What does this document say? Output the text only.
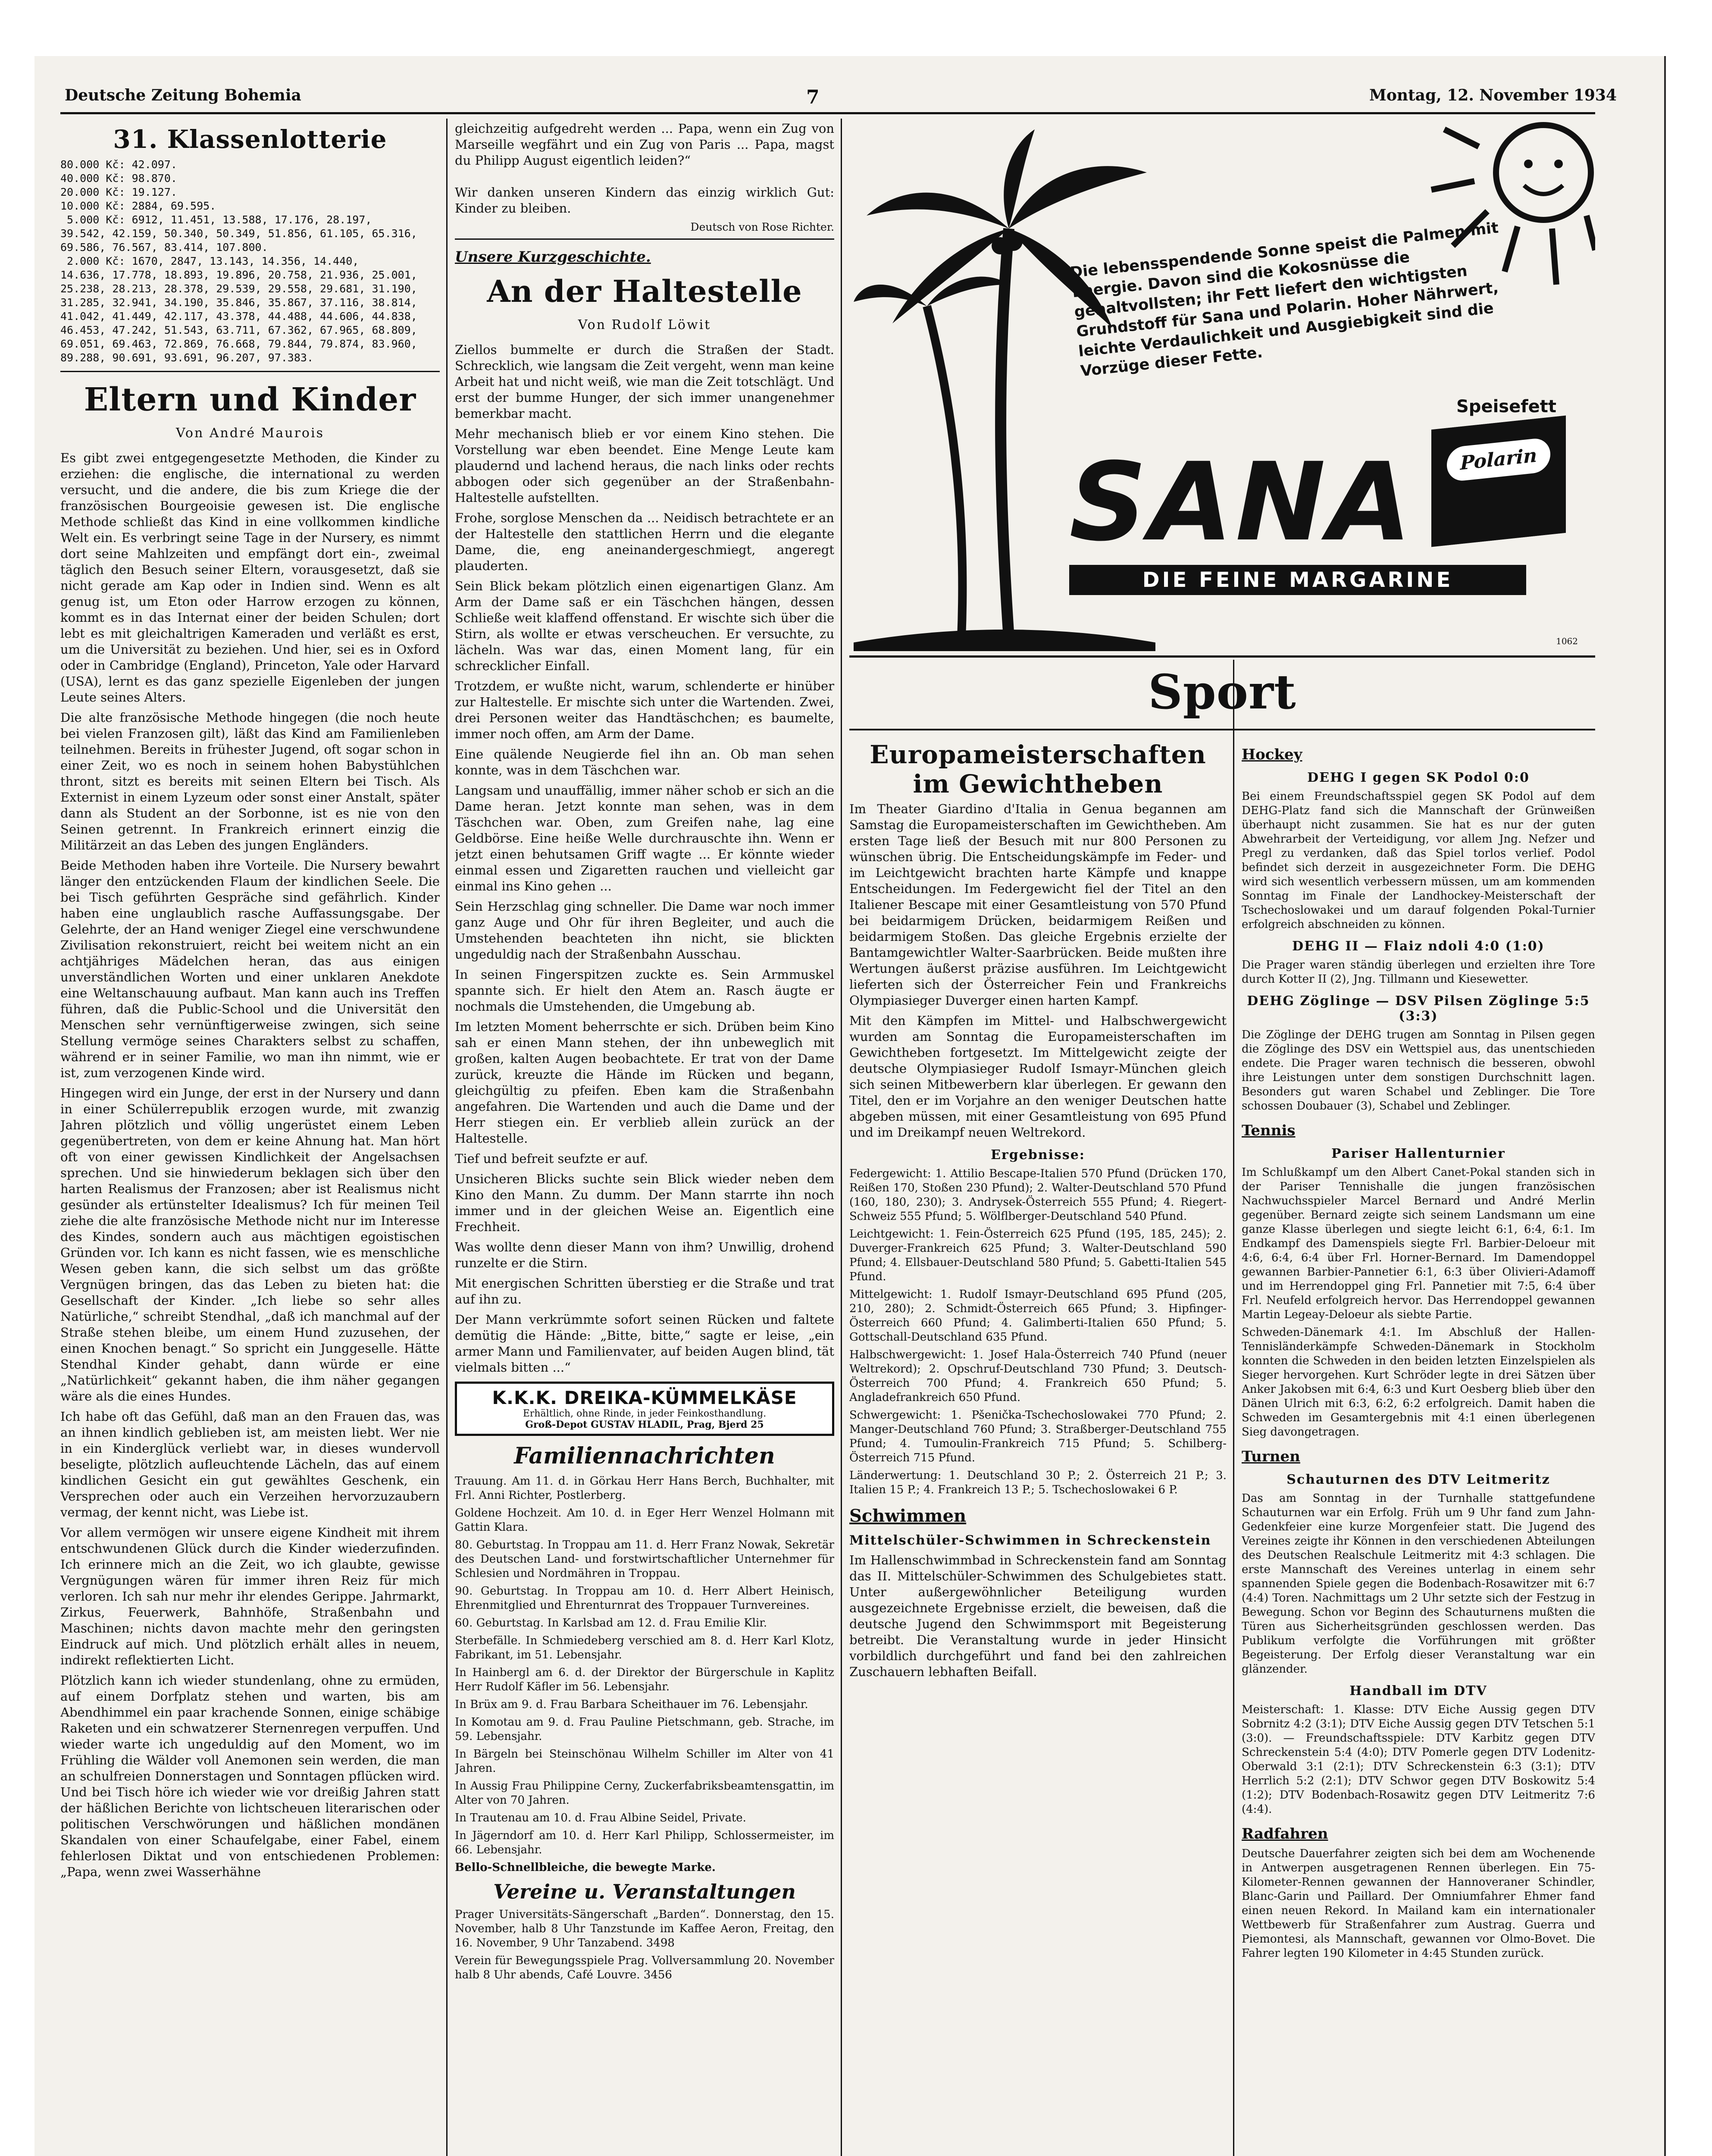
Deutsche Zeitung Bohemia	7	Montag, 12. November 1934
31. Klassenlotterie
80.000 Kč: 42.097.
40.000 Kč: 98.870.
20.000 Kč: 19.127.
10.000 Kč: 2884, 69.595.
5.000 Kč: 6912, 11.451, 13.588, 17.176, 28.197,
39.542, 42.159, 50.340, 50.349, 51.856, 61.105, 65.316,
69.586, 76.567, 83.414, 107.800.
2.000 Kč: 1670, 2847, 13.143, 14.356, 14.440,
14.636, 17.778, 18.893, 19.896, 20.758, 21.936, 25.001,
25.238, 28.213, 28.378, 29.539, 29.558, 29.681, 31.190,
31.285, 32.941, 34.190, 35.846, 35.867, 37.116, 38.814,
41.042, 41.449, 42.117, 43.378, 44.488, 44.606, 44.838,
46.453, 47.242, 51.543, 63.711, 67.362, 67.965, 68.809,
69.051, 69.463, 72.869, 76.668, 79.844, 79.874, 83.960,
89.288, 90.691, 93.691, 96.207, 97.383.
Eltern und Kinder
Von André Maurois

Es gibt zwei entgegengesetzte Methoden, die Kinder zu erziehen: die englische, die international zu werden versucht, und die andere, die bis zum Kriege die der französischen Bourgeoisie gewesen ist. Die englische Methode schließt das Kind in eine vollkommen kindliche Welt ein. Es verbringt seine Tage in der Nursery, es nimmt dort seine Mahlzeiten und empfängt dort ein-, zweimal täglich den Besuch seiner Eltern, vorausgesetzt, daß sie nicht gerade am Kap oder in Indien sind. Wenn es alt genug ist, um Eton oder Harrow erzogen zu können, kommt es in das Internat einer der beiden Schulen; dort lebt es mit gleichaltrigen Kameraden und verläßt es erst, um die Universität zu beziehen. Und hier, sei es in Oxford oder in Cambridge (England), Princeton, Yale oder Harvard (USA), lernt es das ganz spezielle Eigenleben der jungen Leute seines Alters.

Die alte französische Methode hingegen (die noch heute bei vielen Franzosen gilt), läßt das Kind am Familienleben teilnehmen. Bereits in frühester Jugend, oft sogar schon in einer Zeit, wo es noch in seinem hohen Babystühlchen thront, sitzt es bereits mit seinen Eltern bei Tisch. Als Externist in einem Lyzeum oder sonst einer Anstalt, später dann als Student an der Sorbonne, ist es nie von den Seinen getrennt. In Frankreich erinnert einzig die Militärzeit an das Leben des jungen Engländers.

Beide Methoden haben ihre Vorteile. Die Nursery bewahrt länger den entzückenden Flaum der kindlichen Seele. Die bei Tisch geführten Gespräche sind gefährlich. Kinder haben eine unglaublich rasche Auffassungsgabe. Der Gelehrte, der an Hand weniger Ziegel eine verschwundene Zivilisation rekonstruiert, reicht bei weitem nicht an ein achtjähriges Mädelchen heran, das aus einigen unverständlichen Worten und einer unklaren Anekdote eine Weltanschauung aufbaut. Man kann auch ins Treffen führen, daß die Public-School und die Universität den Menschen sehr vernünftigerweise zwingen, sich seine Stellung vermöge seines Charakters selbst zu schaffen, während er in seiner Familie, wo man ihn nimmt, wie er ist, zum verzogenen Kinde wird.

Hingegen wird ein Junge, der erst in der Nursery und dann in einer Schülerrepublik erzogen wurde, mit zwanzig Jahren plötzlich und völlig ungerüstet einem Leben gegenübertreten, von dem er keine Ahnung hat. Man hört oft von einer gewissen Kindlichkeit der Angelsachsen sprechen. Und sie hinwiederum beklagen sich über den harten Realismus der Franzosen; aber ist Realismus nicht gesünder als ertünstelter Idealismus? Ich für meinen Teil ziehe die alte französische Methode nicht nur im Interesse des Kindes, sondern auch aus mächtigen egoistischen Gründen vor. Ich kann es nicht fassen, wie es menschliche Wesen geben kann, die sich selbst um das größte Vergnügen bringen, das das Leben zu bieten hat: die Gesellschaft der Kinder. „Ich liebe so sehr alles Natürliche,“ schreibt Stendhal, „daß ich manchmal auf der Straße stehen bleibe, um einem Hund zuzusehen, der einen Knochen benagt.“ So spricht ein Junggeselle. Hätte Stendhal Kinder gehabt, dann würde er eine „Natürlichkeit“ gekannt haben, die ihm näher gegangen wäre als die eines Hundes.

Ich habe oft das Gefühl, daß man an den Frauen das, was an ihnen kindlich geblieben ist, am meisten liebt. Wer nie in ein Kinderglück verliebt war, in dieses wundervoll beseligte, plötzlich aufleuchtende Lächeln, das auf einem kindlichen Gesicht ein gut gewähltes Geschenk, ein Versprechen oder auch ein Verzeihen hervorzuzaubern vermag, der kennt nicht, was Liebe ist.

Vor allem vermögen wir unsere eigene Kindheit mit ihrem entschwundenen Glück durch die Kinder wiederzufinden. Ich erinnere mich an die Zeit, wo ich glaubte, gewisse Vergnügungen wären für immer ihren Reiz für mich verloren. Ich sah nur mehr ihr elendes Gerippe. Jahrmarkt, Zirkus, Feuerwerk, Bahnhöfe, Straßenbahn und Maschinen; nichts davon machte mehr den geringsten Eindruck auf mich. Und plötzlich erhält alles in neuem, indirekt reflektierten Licht.

Plötzlich kann ich wieder stundenlang, ohne zu ermüden, auf einem Dorfplatz stehen und warten, bis am Abendhimmel ein paar krachende Sonnen, einige schäbige Raketen und ein schwatzerer Sternenregen verpuffen. Und wieder warte ich ungeduldig auf den Moment, wo im Frühling die Wälder voll Anemonen sein werden, die man an schulfreien Donnerstagen und Sonntagen pflücken wird. Und bei Tisch höre ich wieder wie vor dreißig Jahren statt der häßlichen Berichte von lichtscheuen literarischen oder politischen Verschwörungen und häßlichen mondänen Skandalen von einer Schaufelgabe, einer Fabel, einem fehlerlosen Diktat und von entschiedenen Problemen: „Papa, wenn zwei Wasserhähne

gleichzeitig aufgedreht werden ... Papa, wenn ein Zug von Marseille wegfährt und ein Zug von Paris ... Papa, magst du Philipp August eigentlich leiden?“

Wir danken unseren Kindern das einzig wirklich Gut: Kinder zu bleiben.

Deutsch von Rose Richter.
Unsere Kurzgeschichte.
An der Haltestelle
Von Rudolf Löwit

Ziellos bummelte er durch die Straßen der Stadt. Schrecklich, wie langsam die Zeit vergeht, wenn man keine Arbeit hat und nicht weiß, wie man die Zeit totschlägt. Und erst der bumme Hunger, der sich immer unangenehmer bemerkbar macht.

Mehr mechanisch blieb er vor einem Kino stehen. Die Vorstellung war eben beendet. Eine Menge Leute kam plaudernd und lachend heraus, die nach links oder rechts abbogen oder sich gegenüber an der Straßenbahn-Haltestelle aufstellten.

Frohe, sorglose Menschen da ... Neidisch betrachtete er an der Haltestelle den stattlichen Herrn und die elegante Dame, die, eng aneinandergeschmiegt, angeregt plauderten.

Sein Blick bekam plötzlich einen eigenartigen Glanz. Am Arm der Dame saß er ein Täschchen hängen, dessen Schließe weit klaffend offenstand. Er wischte sich über die Stirn, als wollte er etwas verscheuchen. Er versuchte, zu lächeln. Was war das, einen Moment lang, für ein schrecklicher Einfall.

Trotzdem, er wußte nicht, warum, schlenderte er hinüber zur Haltestelle. Er mischte sich unter die Wartenden. Zwei, drei Personen weiter das Handtäschchen; es baumelte, immer noch offen, am Arm der Dame.

Eine quälende Neugierde fiel ihn an. Ob man sehen konnte, was in dem Täschchen war.

Langsam und unauffällig, immer näher schob er sich an die Dame heran. Jetzt konnte man sehen, was in dem Täschchen war. Oben, zum Greifen nahe, lag eine Geldbörse. Eine heiße Welle durchrauschte ihn. Wenn er jetzt einen behutsamen Griff wagte ... Er könnte wieder einmal essen und Zigaretten rauchen und vielleicht gar einmal ins Kino gehen ...

Sein Herzschlag ging schneller. Die Dame war noch immer ganz Auge und Ohr für ihren Begleiter, und auch die Umstehenden beachteten ihn nicht, sie blickten ungeduldig nach der Straßenbahn Ausschau.

In seinen Fingerspitzen zuckte es. Sein Armmuskel spannte sich. Er hielt den Atem an. Rasch äugte er nochmals die Umstehenden, die Umgebung ab.

Im letzten Moment beherrschte er sich. Drüben beim Kino sah er einen Mann stehen, der ihn unbeweglich mit großen, kalten Augen beobachtete. Er trat von der Dame zurück, kreuzte die Hände im Rücken und begann, gleichgültig zu pfeifen. Eben kam die Straßenbahn angefahren. Die Wartenden und auch die Dame und der Herr stiegen ein. Er verblieb allein zurück an der Haltestelle.

Tief und befreit seufzte er auf.

Unsicheren Blicks suchte sein Blick wieder neben dem Kino den Mann. Zu dumm. Der Mann starrte ihn noch immer und in der gleichen Weise an. Eigentlich eine Frechheit.

Was wollte denn dieser Mann von ihm? Unwillig, drohend runzelte er die Stirn.

Mit energischen Schritten überstieg er die Straße und trat auf ihn zu.

Der Mann verkrümmte sofort seinen Rücken und faltete demütig die Hände: „Bitte, bitte,“ sagte er leise, „ein armer Mann und Familienvater, auf beiden Augen blind, tät vielmals bitten ...“

K.K.K. DREIKA-KÜMMELKÄSE
Erhältlich, ohne Rinde, in jeder Feinkosthandlung.
Groß-Depot GUSTAV HLADIL, Prag, Bjerd 25
Familiennachrichten

Trauung. Am 11. d. in Görkau Herr Hans Berch, Buchhalter, mit Frl. Anni Richter, Postlerberg.

Goldene Hochzeit. Am 10. d. in Eger Herr Wenzel Holmann mit Gattin Klara.

80. Geburtstag. In Troppau am 11. d. Herr Franz Nowak, Sekretär des Deutschen Land- und forstwirtschaftlicher Unternehmer für Schlesien und Nordmähren in Troppau.

90. Geburtstag. In Troppau am 10. d. Herr Albert Heinisch, Ehrenmitglied und Ehrenturnrat des Troppauer Turnvereines.

60. Geburtstag. In Karlsbad am 12. d. Frau Emilie Klir.

Sterbefälle. In Schmiedeberg verschied am 8. d. Herr Karl Klotz, Fabrikant, im 51. Lebensjahr.

In Hainbergl am 6. d. der Direktor der Bürgerschule in Kaplitz Herr Rudolf Käfler im 56. Lebensjahr.

In Brüx am 9. d. Frau Barbara Scheithauer im 76. Lebensjahr.

In Komotau am 9. d. Frau Pauline Pietschmann, geb. Strache, im 59. Lebensjahr.

In Bärgeln bei Steinschönau Wilhelm Schiller im Alter von 41 Jahren.

In Aussig Frau Philippine Cerny, Zuckerfabriksbeamtensgattin, im Alter von 70 Jahren.

In Trautenau am 10. d. Frau Albine Seidel, Private.

In Jägerndorf am 10. d. Herr Karl Philipp, Schlossermeister, im 66. Lebensjahr.

Bello-Schnellbleiche, die bewegte Marke.

Vereine u. Veranstaltungen

Prager Universitäts-Sängerschaft „Barden“. Donnerstag, den 15. November, halb 8 Uhr Tanzstunde im Kaffee Aeron, Freitag, den 16. November, 9 Uhr Tanzabend. 3498

Verein für Bewegungsspiele Prag. Vollversammlung 20. November halb 8 Uhr abends, Café Louvre. 3456

Die lebensspendende Sonne speist die Palmen mit Energie. Davon sind die Kokosnüsse die gehaltvollsten; ihr Fett liefert den wichtigsten Grundstoff für Sana und Polarin. Hoher Nährwert, leichte Verdaulichkeit und Ausgiebigkeit sind die Vorzüge dieser Fette.
Speisefett
SANA	Polarin
DIE FEINE MARGARINE
1062
Sport
Europameisterschaften im Gewichtheben

Im Theater Giardino d'Italia in Genua begannen am Samstag die Europameisterschaften im Gewichtheben. Am ersten Tage ließ der Besuch mit nur 800 Personen zu wünschen übrig. Die Entscheidungskämpfe im Feder- und im Leichtgewicht brachten harte Kämpfe und knappe Entscheidungen. Im Federgewicht fiel der Titel an den Italiener Bescape mit einer Gesamtleistung von 570 Pfund bei beidarmigem Drücken, beidarmigem Reißen und beidarmigem Stoßen. Das gleiche Ergebnis erzielte der Bantamgewichtler Walter-Saarbrücken. Beide mußten ihre Wertungen äußerst präzise ausführen. Im Leichtgewicht lieferten sich der Österreicher Fein und Frankreichs Olympiasieger Duverger einen harten Kampf.

Mit den Kämpfen im Mittel- und Halbschwergewicht wurden am Sonntag die Europameisterschaften im Gewichtheben fortgesetzt. Im Mittelgewicht zeigte der deutsche Olympiasieger Rudolf Ismayr-München gleich sich seinen Mitbewerbern klar überlegen. Er gewann den Titel, den er im Vorjahre an den weniger Deutschen hatte abgeben müssen, mit einer Gesamtleistung von 695 Pfund und im Dreikampf neuen Weltrekord.

Ergebnisse:

Federgewicht: 1. Attilio Bescape-Italien 570 Pfund (Drücken 170, Reißen 170, Stoßen 230 Pfund); 2. Walter-Deutschland 570 Pfund (160, 180, 230); 3. Andrysek-Österreich 555 Pfund; 4. Riegert-Schweiz 555 Pfund; 5. Wölflberger-Deutschland 540 Pfund.

Leichtgewicht: 1. Fein-Österreich 625 Pfund (195, 185, 245); 2. Duverger-Frankreich 625 Pfund; 3. Walter-Deutschland 590 Pfund; 4. Ellsbauer-Deutschland 580 Pfund; 5. Gabetti-Italien 545 Pfund.

Mittelgewicht: 1. Rudolf Ismayr-Deutschland 695 Pfund (205, 210, 280); 2. Schmidt-Österreich 665 Pfund; 3. Hipfinger-Österreich 660 Pfund; 4. Galimberti-Italien 650 Pfund; 5. Gottschall-Deutschland 635 Pfund.

Halbschwergewicht: 1. Josef Hala-Österreich 740 Pfund (neuer Weltrekord); 2. Opschruf-Deutschland 730 Pfund; 3. Deutsch-Österreich 700 Pfund; 4. Frankreich 650 Pfund; 5. Angladefrankreich 650 Pfund.

Schwergewicht: 1. Pšenička-Tschechoslowakei 770 Pfund; 2. Manger-Deutschland 760 Pfund; 3. Straßberger-Deutschland 755 Pfund; 4. Tumoulin-Frankreich 715 Pfund; 5. Schilberg-Österreich 715 Pfund.

Länderwertung: 1. Deutschland 30 P.; 2. Österreich 21 P.; 3. Italien 15 P.; 4. Frankreich 13 P.; 5. Tschechoslowakei 6 P.

Schwimmen
Mittelschüler-Schwimmen in Schreckenstein

Im Hallenschwimmbad in Schreckenstein fand am Sonntag das II. Mittelschüler-Schwimmen des Schulgebietes statt. Unter außergewöhnlicher Beteiligung wurden ausgezeichnete Ergebnisse erzielt, die beweisen, daß die deutsche Jugend den Schwimmsport mit Begeisterung betreibt. Die Veranstaltung wurde in jeder Hinsicht vorbildlich durchgeführt und fand bei den zahlreichen Zuschauern lebhaften Beifall.

Hockey
DEHG I gegen SK Podol 0:0

Bei einem Freundschaftsspiel gegen SK Podol auf dem DEHG-Platz fand sich die Mannschaft der Grünweißen überhaupt nicht zusammen. Sie hat es nur der guten Abwehrarbeit der Verteidigung, vor allem Jng. Nefzer und Pregl zu verdanken, daß das Spiel torlos verlief. Podol befindet sich derzeit in ausgezeichneter Form. Die DEHG wird sich wesentlich verbessern müssen, um am kommenden Sonntag im Finale der Landhockey-Meisterschaft der Tschechoslowakei und um darauf folgenden Pokal-Turnier erfolgreich abschneiden zu können.

DEHG II — Flaiz ndoli 4:0 (1:0)

Die Prager waren ständig überlegen und erzielten ihre Tore durch Kotter II (2), Jng. Tillmann und Kiesewetter.

DEHG Zöglinge — DSV Pilsen Zöglinge 5:5 (3:3)

Die Zöglinge der DEHG trugen am Sonntag in Pilsen gegen die Zöglinge des DSV ein Wettspiel aus, das unentschieden endete. Die Prager waren technisch die besseren, obwohl ihre Leistungen unter dem sonstigen Durchschnitt lagen. Besonders gut waren Schabel und Zeblinger. Die Tore schossen Doubauer (3), Schabel und Zeblinger.

Tennis
Pariser Hallenturnier

Im Schlußkampf um den Albert Canet-Pokal standen sich in der Pariser Tennishalle die jungen französischen Nachwuchsspieler Marcel Bernard und André Merlin gegenüber. Bernard zeigte sich seinem Landsmann um eine ganze Klasse überlegen und siegte leicht 6:1, 6:4, 6:1. Im Endkampf des Damenspiels siegte Frl. Barbier-Deloeur mit 4:6, 6:4, 6:4 über Frl. Horner-Bernard. Im Damendoppel gewannen Barbier-Pannetier 6:1, 6:3 über Olivieri-Adamoff und im Herrendoppel ging Frl. Pannetier mit 7:5, 6:4 über Frl. Neufeld erfolgreich hervor. Das Herrendoppel gewannen Martin Legeay-Deloeur als siebte Partie.

Schweden-Dänemark 4:1. Im Abschluß der Hallen-Tennisländerkämpfe Schweden-Dänemark in Stockholm konnten die Schweden in den beiden letzten Einzelspielen als Sieger hervorgehen. Kurt Schröder legte in drei Sätzen über Anker Jakobsen mit 6:4, 6:3 und Kurt Oesberg blieb über den Dänen Ulrich mit 6:3, 6:2, 6:2 erfolgreich. Damit haben die Schweden im Gesamtergebnis mit 4:1 einen überlegenen Sieg davongetragen.

Turnen
Schauturnen des DTV Leitmeritz

Das am Sonntag in der Turnhalle stattgefundene Schauturnen war ein Erfolg. Früh um 9 Uhr fand zum Jahn-Gedenkfeier eine kurze Morgenfeier statt. Die Jugend des Vereines zeigte ihr Können in den verschiedenen Abteilungen des Deutschen Realschule Leitmeritz mit 4:3 schlagen. Die erste Mannschaft des Vereines unterlag in einem sehr spannenden Spiele gegen die Bodenbach-Rosawitzer mit 6:7 (4:4) Toren. Nachmittags um 2 Uhr setzte sich der Festzug in Bewegung. Schon vor Beginn des Schauturnens mußten die Türen aus Sicherheitsgründen geschlossen werden. Das Publikum verfolgte die Vorführungen mit größter Begeisterung. Der Erfolg dieser Veranstaltung war ein glänzender.

Handball im DTV

Meisterschaft: 1. Klasse: DTV Eiche Aussig gegen DTV Sobrnitz 4:2 (3:1); DTV Eiche Aussig gegen DTV Tetschen 5:1 (3:0). — Freundschaftsspiele: DTV Karbitz gegen DTV Schreckenstein 5:4 (4:0); DTV Pomerle gegen DTV Lodenitz-Oberwald 3:1 (2:1); DTV Schreckenstein 6:3 (3:1); DTV Herrlich 5:2 (2:1); DTV Schwor gegen DTV Boskowitz 5:4 (1:2); DTV Bodenbach-Rosawitz gegen DTV Leitmeritz 7:6 (4:4).

Radfahren

Deutsche Dauerfahrer zeigten sich bei dem am Wochenende in Antwerpen ausgetragenen Rennen überlegen. Ein 75-Kilometer-Rennen gewannen der Hannoveraner Schindler, Blanc-Garin und Paillard. Der Omniumfahrer Ehmer fand einen neuen Rekord. In Mailand kam ein internationaler Wettbewerb für Straßenfahrer zum Austrag. Guerra und Piemontesi, als Mannschaft, gewannen vor Olmo-Bovet. Die Fahrer legten 190 Kilometer in 4:45 Stunden zurück.
